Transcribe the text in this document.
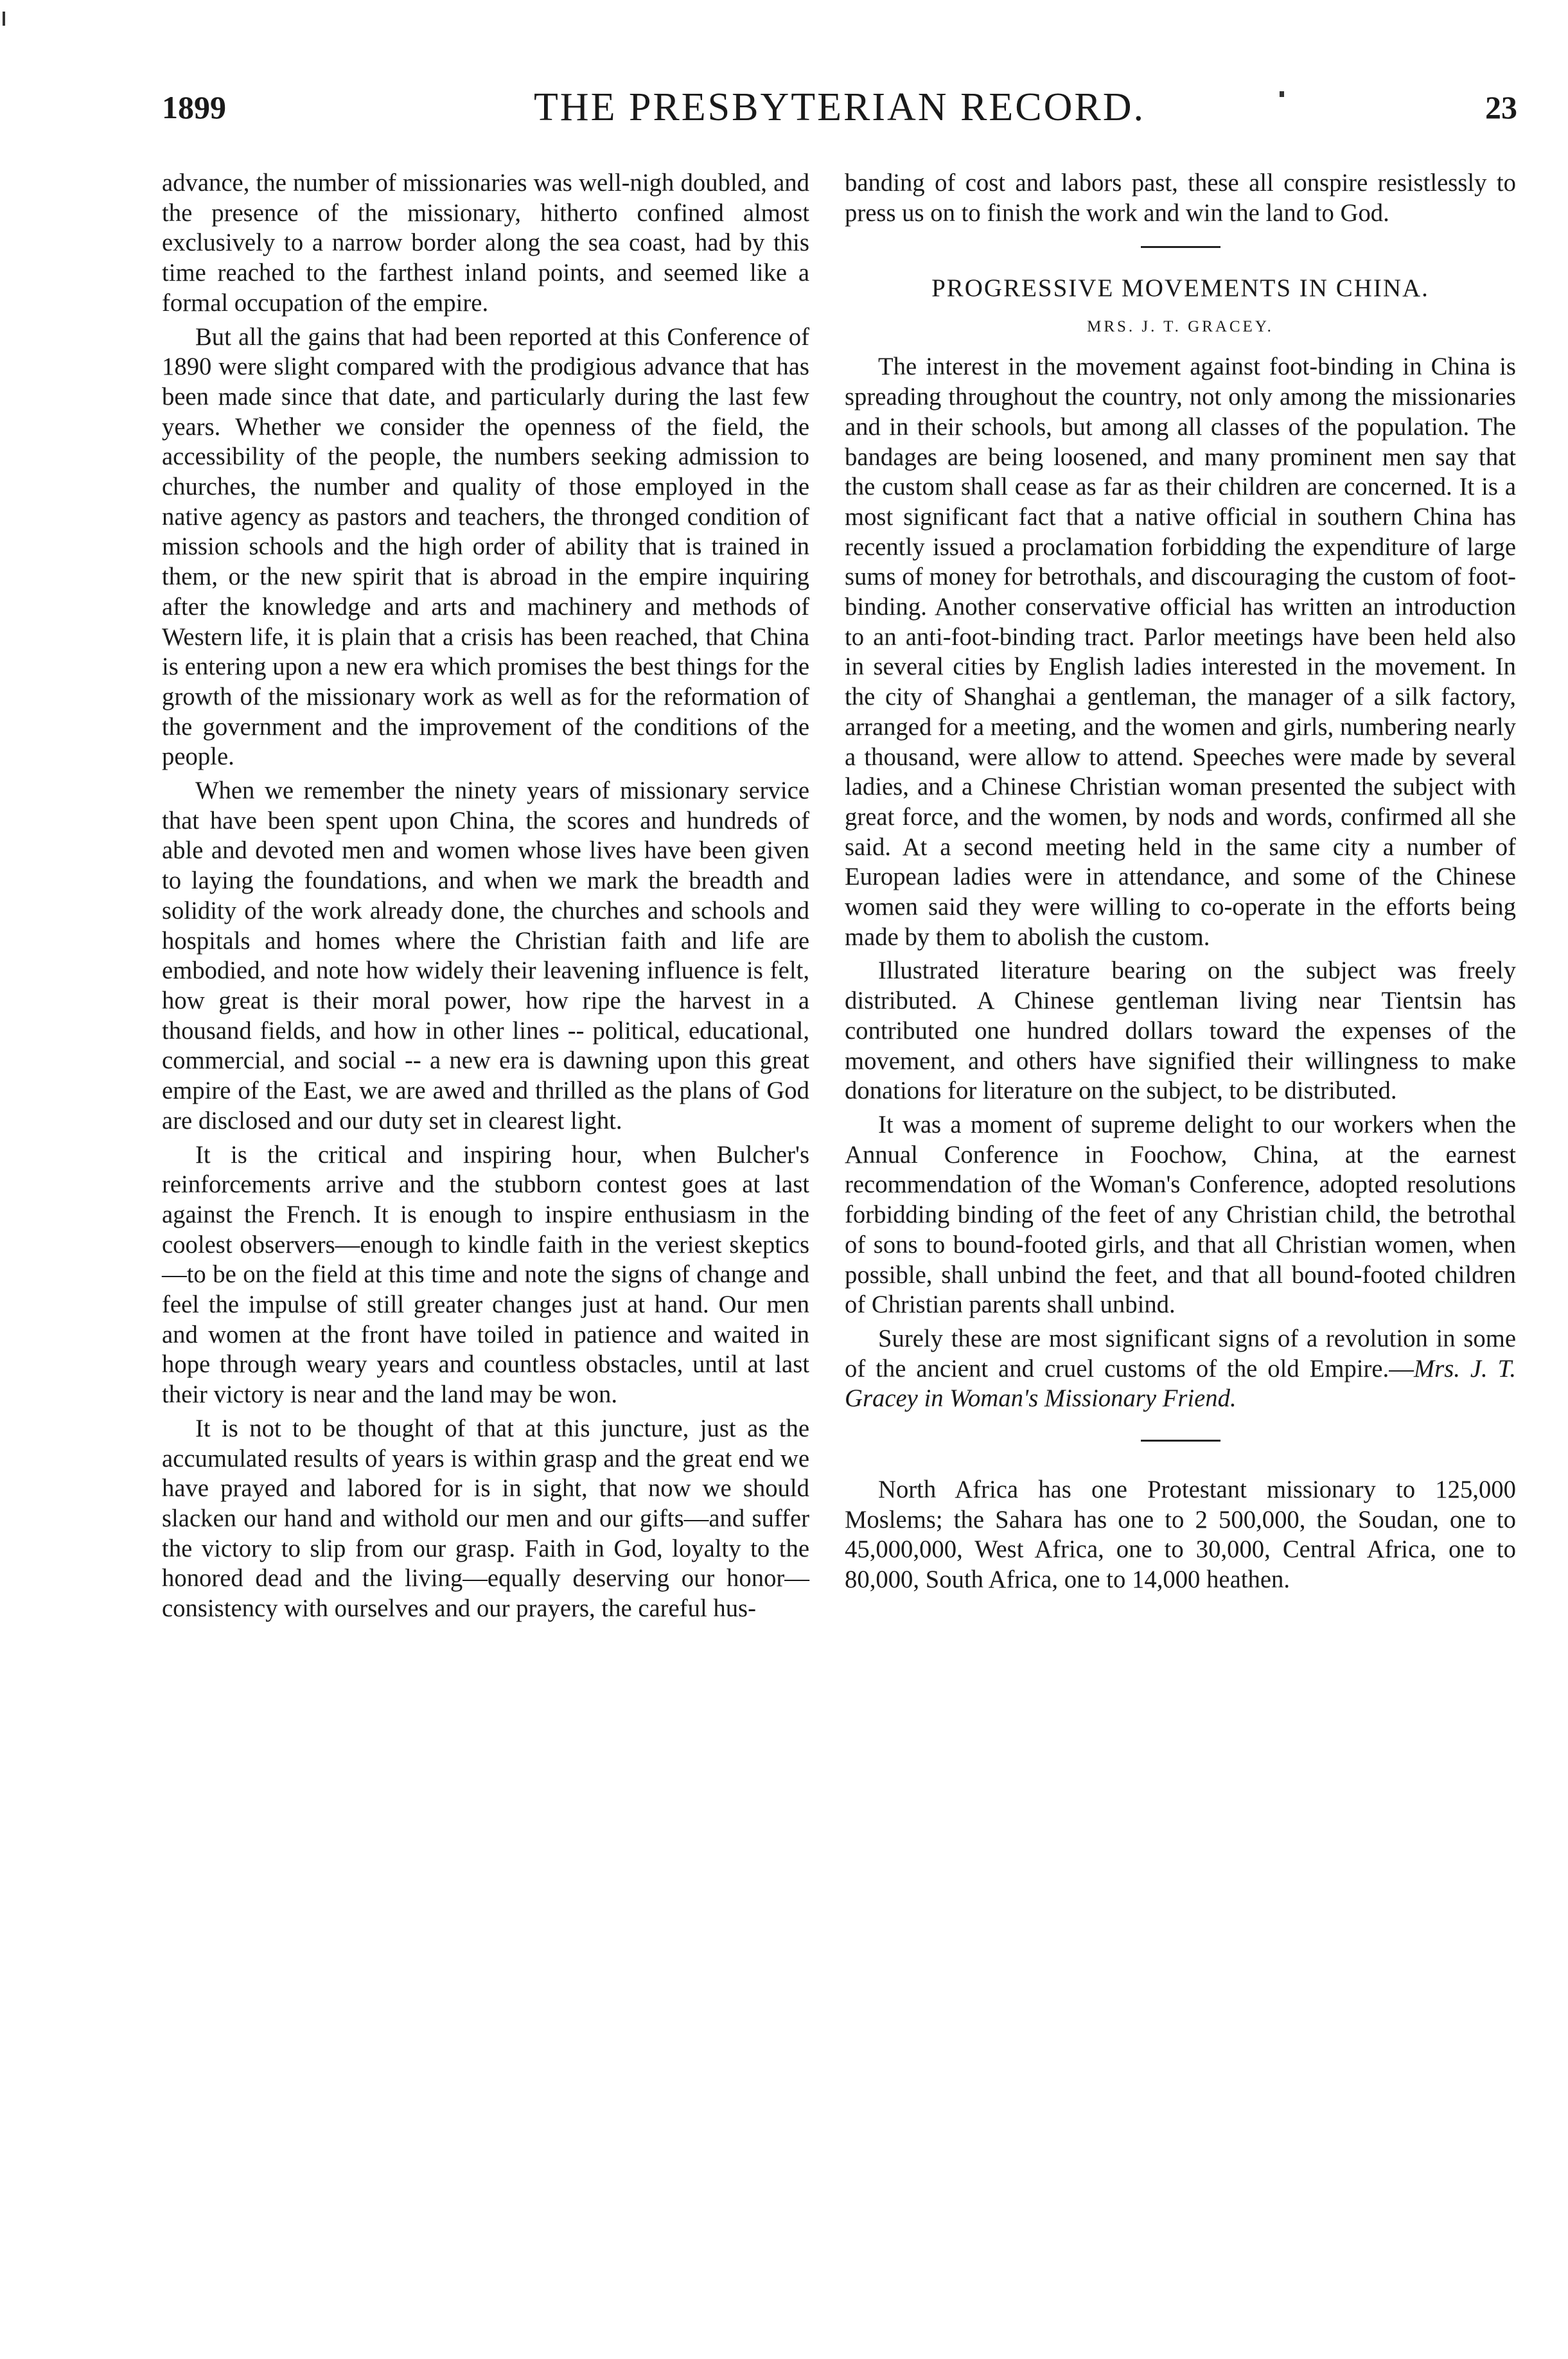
1899	THE PRESBYTERIAN RECORD.	23

advance, the number of missionaries was well-nigh doubled, and the presence of the missionary, hitherto confined almost exclusively to a narrow border along the sea coast, had by this time reached to the farthest inland points, and seemed like a formal occupation of the empire.

But all the gains that had been reported at this Conference of 1890 were slight compared with the prodigious advance that has been made since that date, and particularly during the last few years. Whether we consider the openness of the field, the accessibility of the people, the numbers seeking admission to churches, the number and quality of those employed in the native agency as pastors and teachers, the thronged condition of mission schools and the high order of ability that is trained in them, or the new spirit that is abroad in the empire inquiring after the knowledge and arts and machinery and methods of Western life, it is plain that a crisis has been reached, that China is entering upon a new era which promises the best things for the growth of the missionary work as well as for the reformation of the government and the improvement of the conditions of the people.

When we remember the ninety years of missionary service that have been spent upon China, the scores and hundreds of able and devoted men and women whose lives have been given to laying the foundations, and when we mark the breadth and solidity of the work already done, the churches and schools and hospitals and homes where the Christian faith and life are embodied, and note how widely their leavening influence is felt, how great is their moral power, how ripe the harvest in a thousand fields, and how in other lines -- political, educational, commercial, and social -- a new era is dawning upon this great empire of the East, we are awed and thrilled as the plans of God are disclosed and our duty set in clearest light.

It is the critical and inspiring hour, when Bulcher's reinforcements arrive and the stubborn contest goes at last against the French. It is enough to inspire enthusiasm in the coolest observers—enough to kindle faith in the veriest skeptics—to be on the field at this time and note the signs of change and feel the impulse of still greater changes just at hand. Our men and women at the front have toiled in patience and waited in hope through weary years and countless obstacles, until at last their victory is near and the land may be won.

It is not to be thought of that at this juncture, just as the accumulated results of years is within grasp and the great end we have prayed and labored for is in sight, that now we should slacken our hand and withold our men and our gifts—and suffer the victory to slip from our grasp. Faith in God, loyalty to the honored dead and the living—equally deserving our honor—consistency with ourselves and our prayers, the careful hus-

banding of cost and labors past, these all conspire resistlessly to press us on to finish the work and win the land to God.

PROGRESSIVE MOVEMENTS IN CHINA.
MRS. J. T. GRACEY.

The interest in the movement against foot-binding in China is spreading throughout the country, not only among the missionaries and in their schools, but among all classes of the population. The bandages are being loosened, and many prominent men say that the custom shall cease as far as their children are concerned. It is a most significant fact that a native official in southern China has recently issued a proclamation forbidding the expenditure of large sums of money for betrothals, and discouraging the custom of foot-binding. Another conservative official has written an introduction to an anti-foot-binding tract. Parlor meetings have been held also in several cities by English ladies interested in the movement. In the city of Shanghai a gentleman, the manager of a silk factory, arranged for a meeting, and the women and girls, numbering nearly a thousand, were allow to attend. Speeches were made by several ladies, and a Chinese Christian woman presented the subject with great force, and the women, by nods and words, confirmed all she said. At a second meeting held in the same city a number of European ladies were in attendance, and some of the Chinese women said they were willing to co-operate in the efforts being made by them to abolish the custom.

Illustrated literature bearing on the subject was freely distributed. A Chinese gentleman living near Tientsin has contributed one hundred dollars toward the expenses of the movement, and others have signified their willingness to make donations for literature on the subject, to be distributed.

It was a moment of supreme delight to our workers when the Annual Conference in Foochow, China, at the earnest recommendation of the Woman's Conference, adopted resolutions forbidding binding of the feet of any Christian child, the betrothal of sons to bound-footed girls, and that all Christian women, when possible, shall unbind the feet, and that all bound-footed children of Christian parents shall unbind.

Surely these are most significant signs of a revolution in some of the ancient and cruel customs of the old Empire.—Mrs. J. T. Gracey in Woman's Missionary Friend.

North Africa has one Protestant missionary to 125,000 Moslems; the Sahara has one to 2 500,000, the Soudan, one to 45,000,000, West Africa, one to 30,000, Central Africa, one to 80,000, South Africa, one to 14,000 heathen.
